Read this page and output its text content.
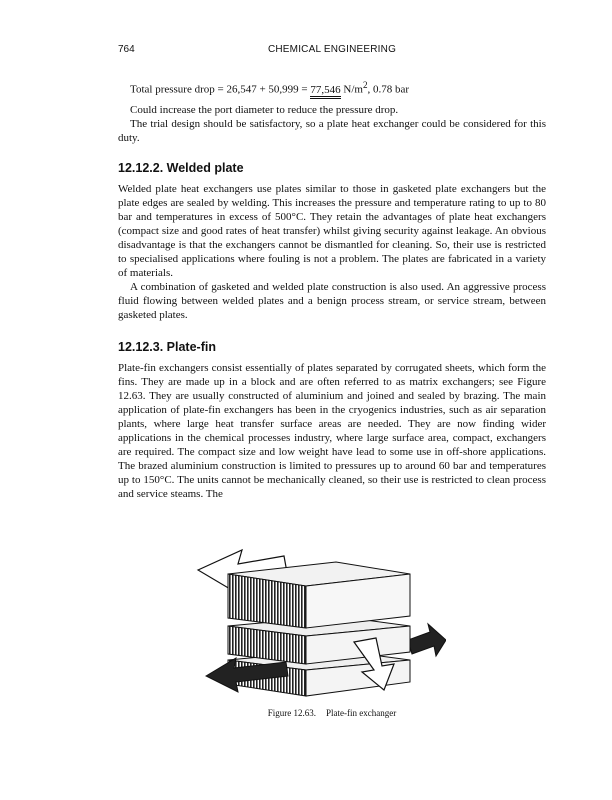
764	CHEMICAL ENGINEERING

Total pressure drop = 26,547 + 50,999 = 77,546 $N/m^2$, 0.78 bar

Could increase the port diameter to reduce the pressure drop.

The trial design should be satisfactory, so a plate heat exchanger could be considered for this duty.

12.12.2. Welded plate

Welded plate heat exchangers use plates similar to those in gasketed plate exchangers but the plate edges are sealed by welding. This increases the pressure and temperature rating to up to 80 bar and temperatures in excess of 500°C. They retain the advantages of plate heat exchangers (compact size and good rates of heat transfer) whilst giving security against leakage. An obvious disadvantage is that the exchangers cannot be dismantled for cleaning. So, their use is restricted to specialised applications where fouling is not a problem. The plates are fabricated in a variety of materials.

A combination of gasketed and welded plate construction is also used. An aggressive process fluid flowing between welded plates and a benign process stream, or service stream, between gasketed plates.

12.12.3. Plate-fin

Plate-fin exchangers consist essentially of plates separated by corrugated sheets, which form the fins. They are made up in a block and are often referred to as matrix exchangers; see Figure 12.63. They are usually constructed of aluminium and joined and sealed by brazing. The main application of plate-fin exchangers has been in the cryogenics industries, such as air separation plants, where large heat transfer surface areas are needed. They are now finding wider applications in the chemical processes industry, where large surface area, compact, exchangers are required. The compact size and low weight have lead to some use in off-shore applications. The brazed aluminium construction is limited to pressures up to around 60 bar and temperatures up to 150°C. The units cannot be mechanically cleaned, so their use is restricted to clean process and service steams. The

Figure 12.63. Plate-fin exchanger
